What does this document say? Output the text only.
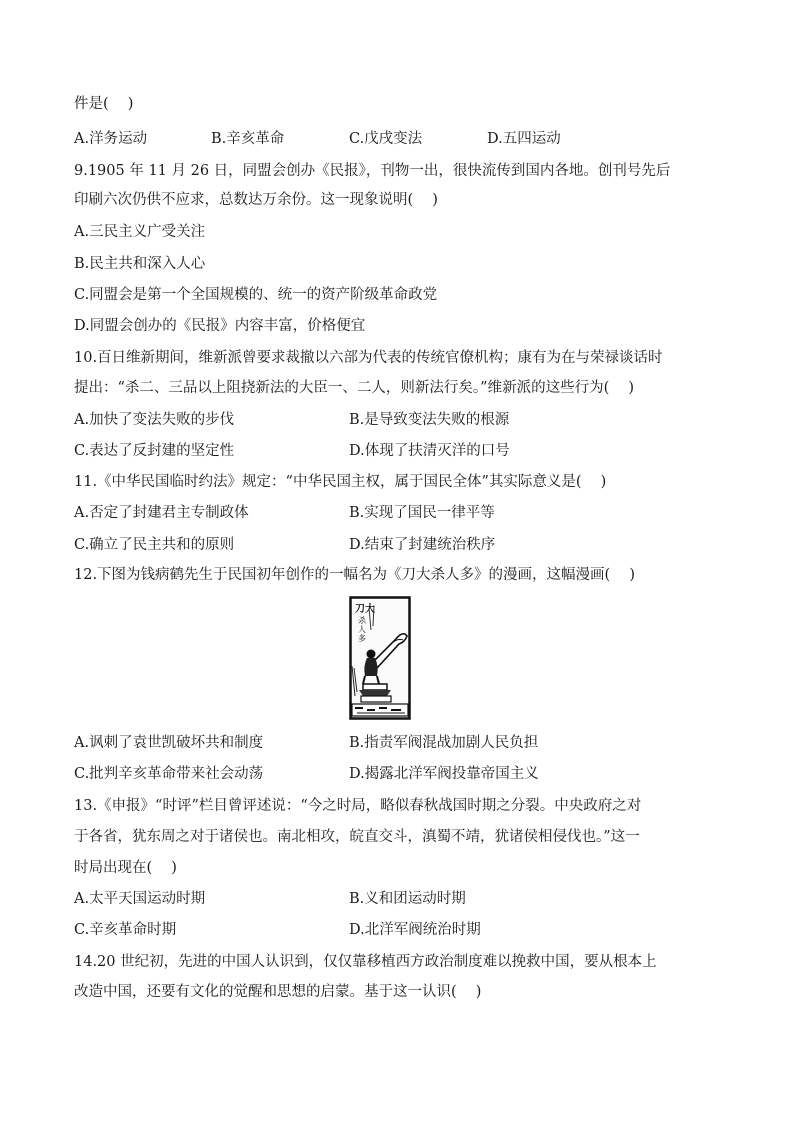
件是(　 )
A.洋务运动	B.辛亥革命	C.戊戌变法	D.五四运动
9.1905 年 11 月 26 日，同盟会创办《民报》，刊物一出，很快流传到国内各地。创刊号先后
印刷六次仍供不应求，总数达万余份。这一现象说明(　 )
A.三民主义广受关注
B.民主共和深入人心
C.同盟会是第一个全国规模的、统一的资产阶级革命政党
D.同盟会创办的《民报》内容丰富，价格便宜
10.百日维新期间，维新派曾要求裁撤以六部为代表的传统官僚机构；康有为在与荣禄谈话时
提出：“杀二、三品以上阻挠新法的大臣一、二人，则新法行矣。”维新派的这些行为(　 )
A.加快了变法失败的步伐	B.是导致变法失败的根源
C.表达了反封建的坚定性	D.体现了扶清灭洋的口号
11.《中华民国临时约法》规定：“中华民国主权，属于国民全体”其实际意义是(　 )
A.否定了封建君主专制政体	B.实现了国民一律平等
C.确立了民主共和的原则	D.结束了封建统治秩序
12.下图为钱病鹤先生于民国初年创作的一幅名为《刀大杀人多》的漫画，这幅漫画(　 )
刀大
杀
人
多
A.讽刺了袁世凯破坏共和制度	B.指责军阀混战加剧人民负担
C.批判辛亥革命带来社会动荡	D.揭露北洋军阀投靠帝国主义
13.《申报》“时评”栏目曾评述说：“今之时局，略似春秋战国时期之分裂。中央政府之对
于各省，犹东周之对于诸侯也。南北相攻，皖直交斗，滇蜀不靖，犹诸侯相侵伐也。”这一
时局出现在(　 )
A.太平天国运动时期	B.义和团运动时期
C.辛亥革命时期	D.北洋军阀统治时期
14.20 世纪初，先进的中国人认识到，仅仅靠移植西方政治制度难以挽救中国，要从根本上
改造中国，还要有文化的觉醒和思想的启蒙。基于这一认识(　 )
